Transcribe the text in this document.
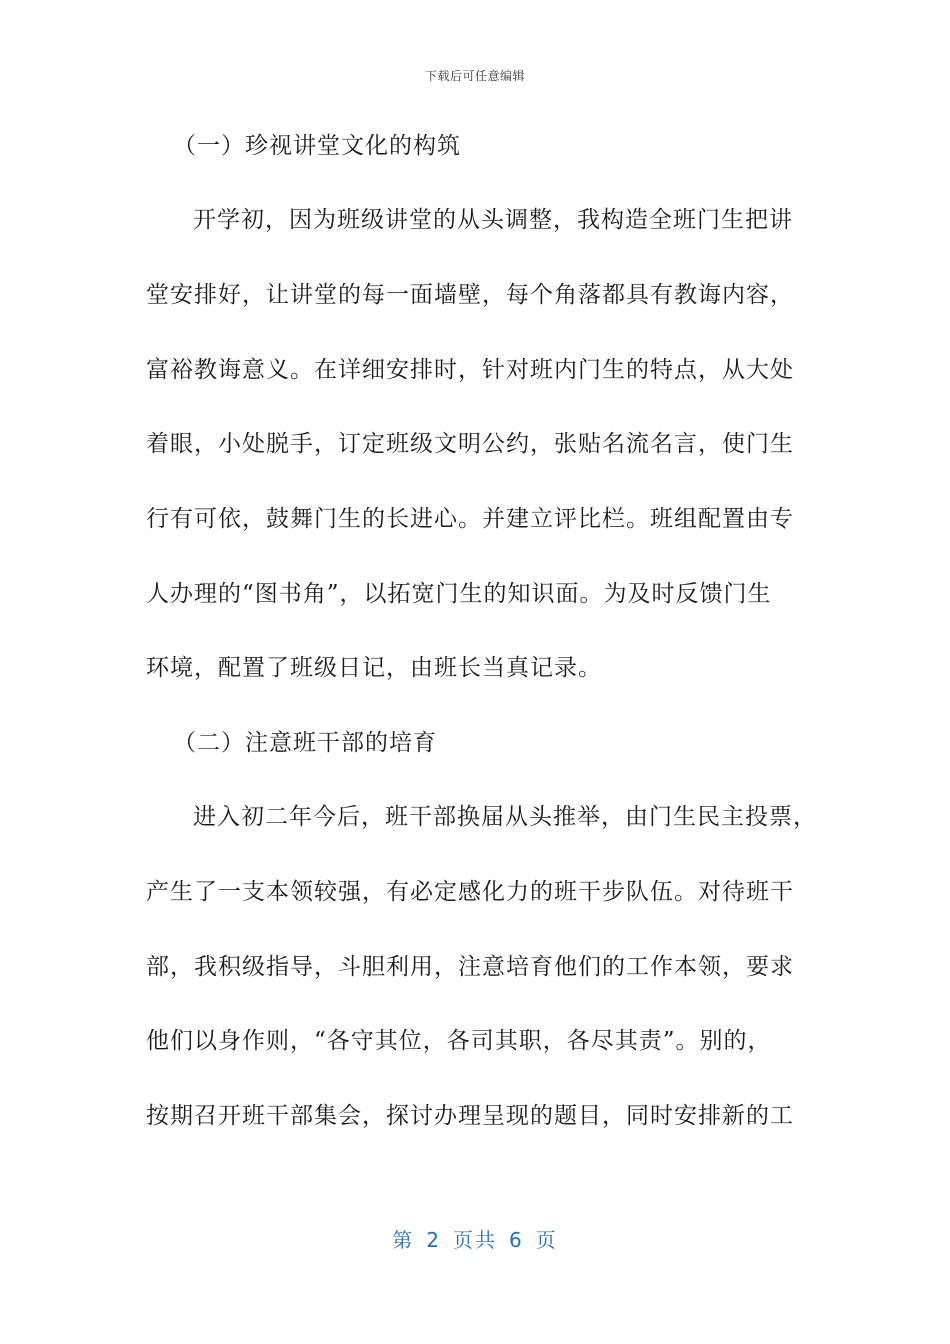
下载后可任意编辑
（一）珍视讲堂文化的构筑
开学初，因为班级讲堂的从头调整，我构造全班门生把讲
堂安排好，让讲堂的每一面墙壁，每个角落都具有教诲内容，
富裕教诲意义。在详细安排时，针对班内门生的特点，从大处
着眼，小处脱手，订定班级文明公约，张贴名流名言，使门生
行有可依，鼓舞门生的长进心。并建立评比栏。班组配置由专
人办理的“图书角”，以拓宽门生的知识面。为及时反馈门生
环境，配置了班级日记，由班长当真记录。
（二）注意班干部的培育
进入初二年今后，班干部换届从头推举，由门生民主投票，
产生了一支本领较强，有必定感化力的班干步队伍。对待班干
部，我积级指导，斗胆利用，注意培育他们的工作本领，要求
他们以身作则，“各守其位，各司其职，各尽其责”。别的，
按期召开班干部集会，探讨办理呈现的题目，同时安排新的工
第 2 页共 6 页
